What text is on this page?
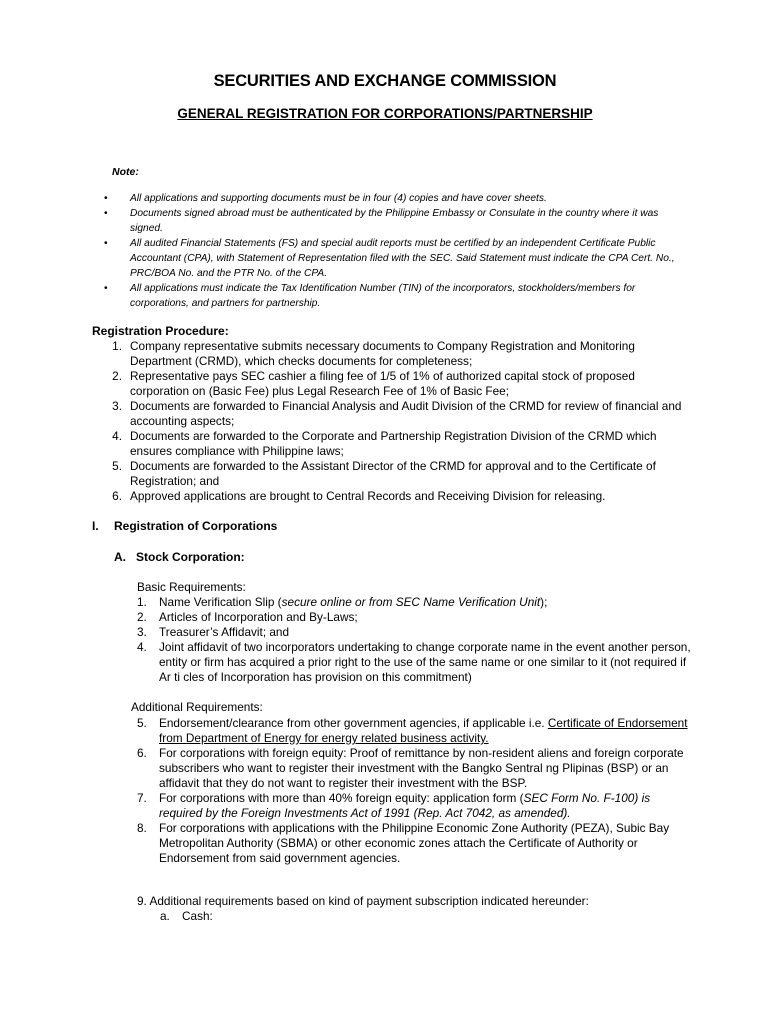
SECURITIES AND EXCHANGE COMMISSION
GENERAL REGISTRATION FOR CORPORATIONS/PARTNERSHIP
Note:
• All applications and supporting documents must be in four (4) copies and have cover sheets.
• Documents signed abroad must be authenticated by the Philippine Embassy or Consulate in the country where it was signed.
• All audited Financial Statements (FS) and special audit reports must be certified by an independent Certificate Public Accountant (CPA), with Statement of Representation filed with the SEC. Said Statement must indicate the CPA Cert. No., PRC/BOA No. and the PTR No. of the CPA.
• All applications must indicate the Tax Identification Number (TIN) of the incorporators, stockholders/members for corporations, and partners for partnership.
Registration Procedure:
1. Company representative submits necessary documents to Company Registration and Monitoring Department (CRMD), which checks documents for completeness;
2. Representative pays SEC cashier a filing fee of 1/5 of 1% of authorized capital stock of proposed corporation on (Basic Fee) plus Legal Research Fee of 1% of Basic Fee;
3. Documents are forwarded to Financial Analysis and Audit Division of the CRMD for review of financial and accounting aspects;
4. Documents are forwarded to the Corporate and Partnership Registration Division of the CRMD which ensures compliance with Philippine laws;
5. Documents are forwarded to the Assistant Director of the CRMD for approval and to the Certificate of Registration; and
6. Approved applications are brought to Central Records and Receiving Division for releasing.
I. Registration of Corporations
A. Stock Corporation:
Basic Requirements:
1. Name Verification Slip (secure online or from SEC Name Verification Unit);
2. Articles of Incorporation and By-Laws;
3. Treasurer’s Affidavit; and
4. Joint affidavit of two incorporators undertaking to change corporate name in the event another person, entity or firm has acquired a prior right to the use of the same name or one similar to it (not required if Ar ti cles of Incorporation has provision on this commitment)
Additional Requirements:
5. Endorsement/clearance from other government agencies, if applicable i.e. Certificate of Endorsement from Department of Energy for energy related business activity.
6. For corporations with foreign equity: Proof of remittance by non-resident aliens and foreign corporate subscribers who want to register their investment with the Bangko Sentral ng Plipinas (BSP) or an affidavit that they do not want to register their investment with the BSP.
7. For corporations with more than 40% foreign equity: application form (SEC Form No. F-100) is required by the Foreign Investments Act of 1991 (Rep. Act 7042, as amended).
8. For corporations with applications with the Philippine Economic Zone Authority (PEZA), Subic Bay Metropolitan Authority (SBMA) or other economic zones attach the Certificate of Authority or Endorsement from said government agencies.
9. Additional requirements based on kind of payment subscription indicated hereunder:
a. Cash:
